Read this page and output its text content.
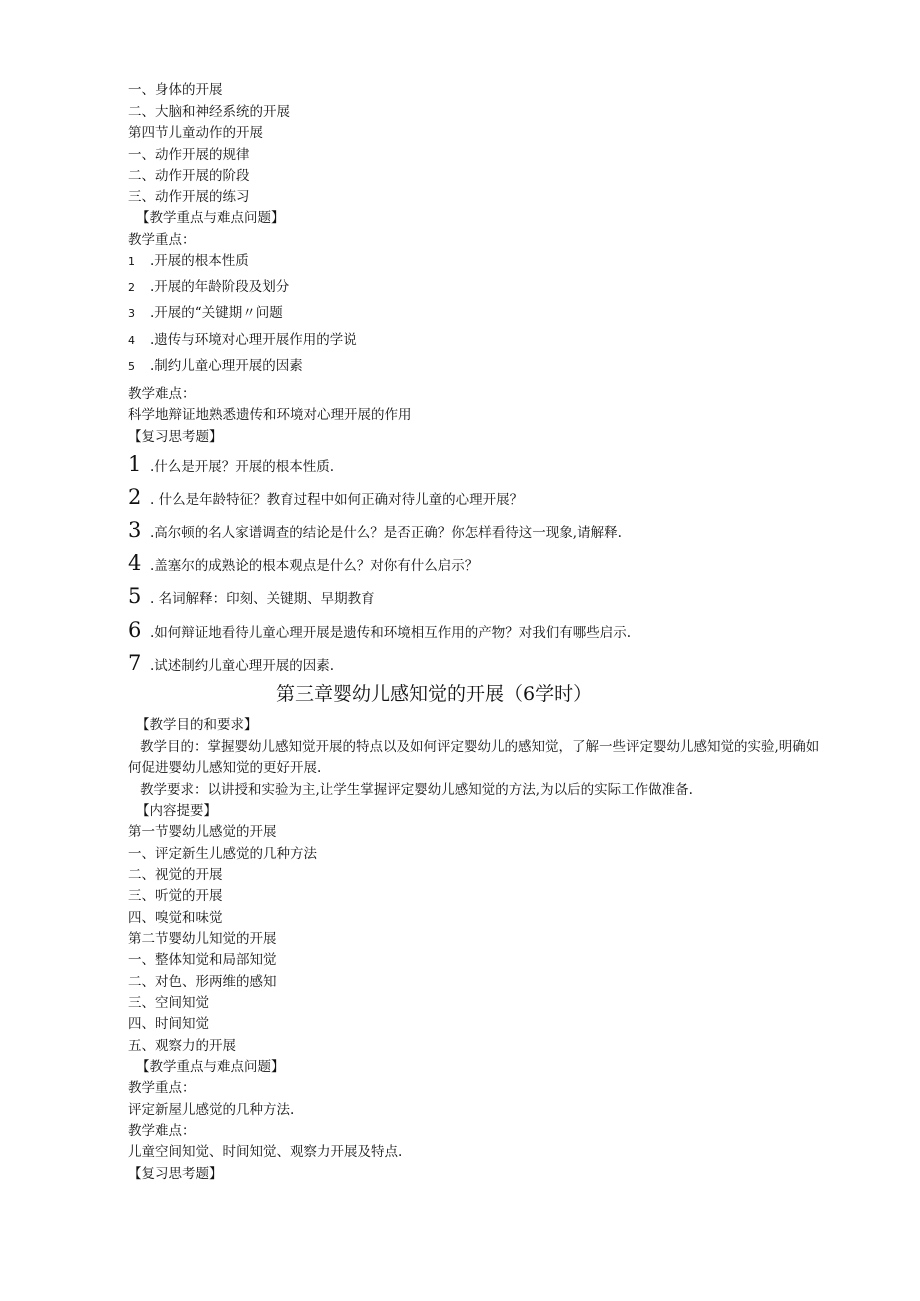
一、身体的开展
二、大脑和神经系统的开展
第四节儿童动作的开展
一、动作开展的规律
二、动作开展的阶段
三、动作开展的练习
【教学重点与难点问题】
教学重点：
1 .开展的根本性质
2 .开展的年龄阶段及划分
3 .开展的“关键期〃问题
4 .遗传与环境对心理开展作用的学说
5 .制约儿童心理开展的因素
教学难点：
科学地辩证地熟悉遗传和环境对心理开展的作用
【复习思考题】
1 .什么是开展？开展的根本性质.
2 . 什么是年龄特征？教育过程中如何正确对待儿童的心理开展？
3 .高尔顿的名人家谱调查的结论是什么？是否正确？你怎样看待这一现象,请解释.
4 .盖塞尔的成熟论的根本观点是什么？对你有什么启示？
5 . 名词解释：印刻、关键期、早期教育
6 .如何辩证地看待儿童心理开展是遗传和环境相互作用的产物？对我们有哪些启示.
7 .试述制约儿童心理开展的因素.
第三章婴幼儿感知觉的开展（6学时）
【教学目的和要求】
教学目的：掌握婴幼儿感知觉开展的特点以及如何评定婴幼儿的感知觉，了解一些评定婴幼儿感知觉的实验,明确如何促进婴幼儿感知觉的更好开展.
教学要求：以讲授和实验为主,让学生掌握评定婴幼儿感知觉的方法,为以后的实际工作做准备.
【内容提要】
第一节婴幼儿感觉的开展
一、评定新生儿感觉的几种方法
二、视觉的开展
三、听觉的开展
四、嗅觉和味觉
第二节婴幼儿知觉的开展
一、整体知觉和局部知觉
二、对色、形两维的感知
三、空间知觉
四、时间知觉
五、观察力的开展
【教学重点与难点问题】
教学重点：
评定新屋儿感觉的几种方法.
教学难点：
儿童空间知觉、时间知觉、观察力开展及特点.
【复习思考题】
